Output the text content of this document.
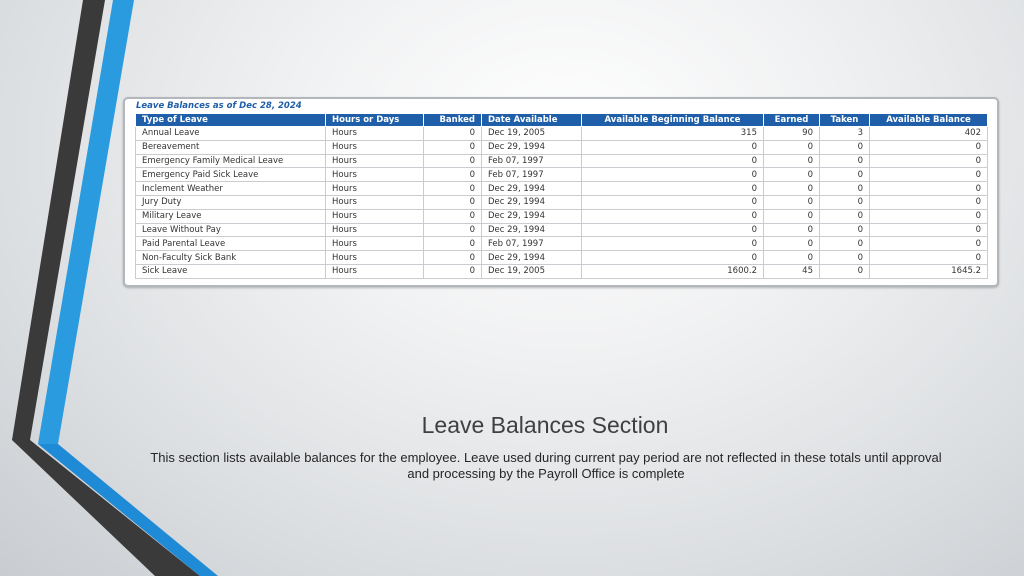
Leave Balances as of Dec 28, 2024
Type of Leave	Hours or Days	Banked	Date Available	Available Beginning Balance	Earned	Taken	Available Balance
Annual Leave	Hours	0	Dec 19, 2005	315	90	3	402
Bereavement	Hours	0	Dec 29, 1994	0	0	0	0
Emergency Family Medical Leave	Hours	0	Feb 07, 1997	0	0	0	0
Emergency Paid Sick Leave	Hours	0	Feb 07, 1997	0	0	0	0
Inclement Weather	Hours	0	Dec 29, 1994	0	0	0	0
Jury Duty	Hours	0	Dec 29, 1994	0	0	0	0
Military Leave	Hours	0	Dec 29, 1994	0	0	0	0
Leave Without Pay	Hours	0	Dec 29, 1994	0	0	0	0
Paid Parental Leave	Hours	0	Feb 07, 1997	0	0	0	0
Non-Faculty Sick Bank	Hours	0	Dec 29, 1994	0	0	0	0
Sick Leave	Hours	0	Dec 19, 2005	1600.2	45	0	1645.2
Leave Balances Section
This section lists available balances for the employee. Leave used during current pay period are not reflected in these totals until approval and processing by the Payroll Office is complete
